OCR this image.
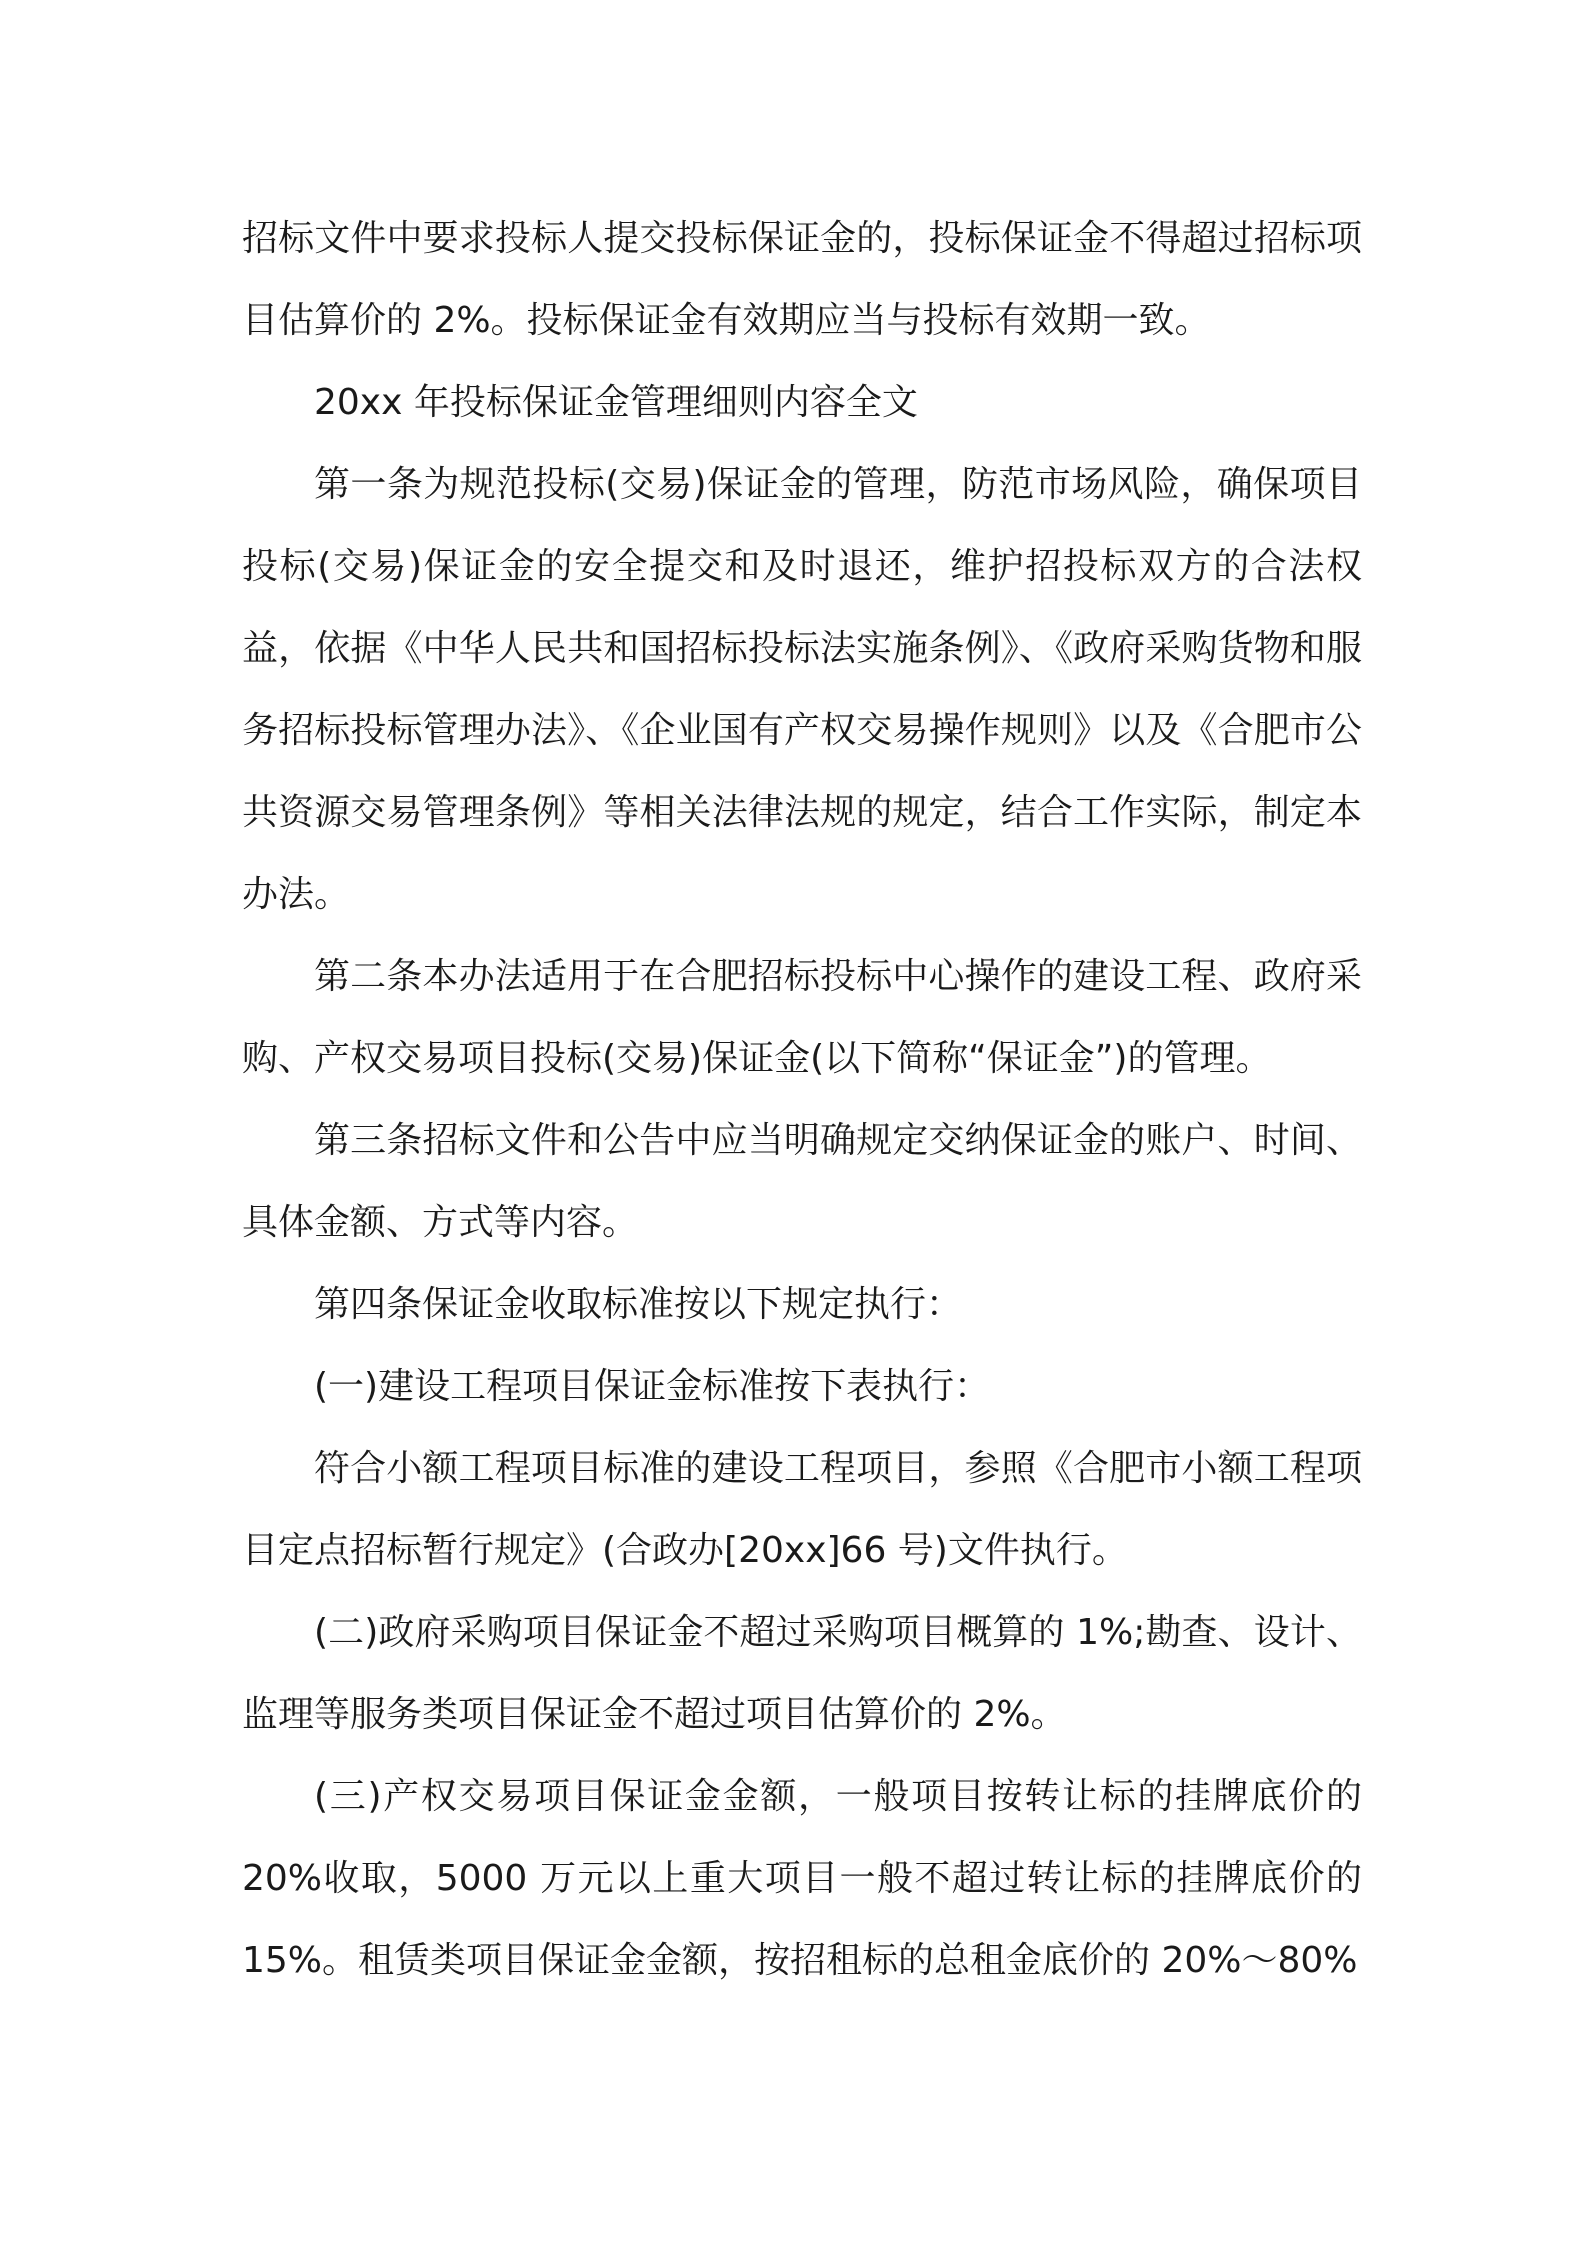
招标文件中要求投标人提交投标保证金的，投标保证金不得超过招标项目估算价的 2%。投标保证金有效期应当与投标有效期一致。

20xx 年投标保证金管理细则内容全文

第一条为规范投标(交易)保证金的管理，防范市场风险，确保项目投标(交易)保证金的安全提交和及时退还，维护招投标双方的合法权益，依据《中华人民共和国招标投标法实施条例》、《政府采购货物和服务招标投标管理办法》、《企业国有产权交易操作规则》以及《合肥市公共资源交易管理条例》等相关法律法规的规定，结合工作实际，制定本办法。

第二条本办法适用于在合肥招标投标中心操作的建设工程、政府采购、产权交易项目投标(交易)保证金(以下简称“保证金”)的管理。

第三条招标文件和公告中应当明确规定交纳保证金的账户、时间、具体金额、方式等内容。

第四条保证金收取标准按以下规定执行：

(一)建设工程项目保证金标准按下表执行：

符合小额工程项目标准的建设工程项目，参照《合肥市小额工程项目定点招标暂行规定》(合政办[20xx]66 号)文件执行。

(二)政府采购项目保证金不超过采购项目概算的 1%;勘查、设计、监理等服务类项目保证金不超过项目估算价的 2%。

(三)产权交易项目保证金金额，一般项目按转让标的挂牌底价的 20%收取，5000 万元以上重大项目一般不超过转让标的挂牌底价的 15%。租赁类项目保证金金额，按招租标的总租金底价的 20%～80%
